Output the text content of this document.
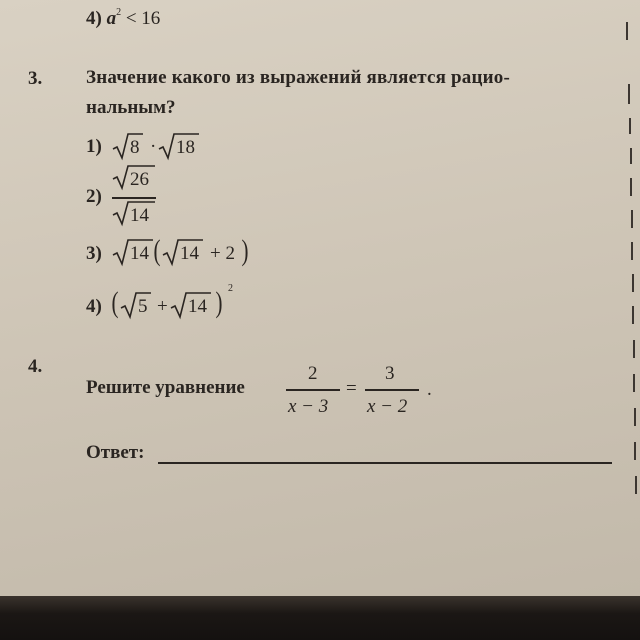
4) $a^2 < 16$
3. Значение какого из выражений является рацио-
нальным?
1) 8 · 18
2)
26
14
3) 14 ( 14 + 2 )
4) ( 5 + 14 ) 2
4.
Решите уравнение
2
x − 3
=
3
x − 2
.
Ответ:
